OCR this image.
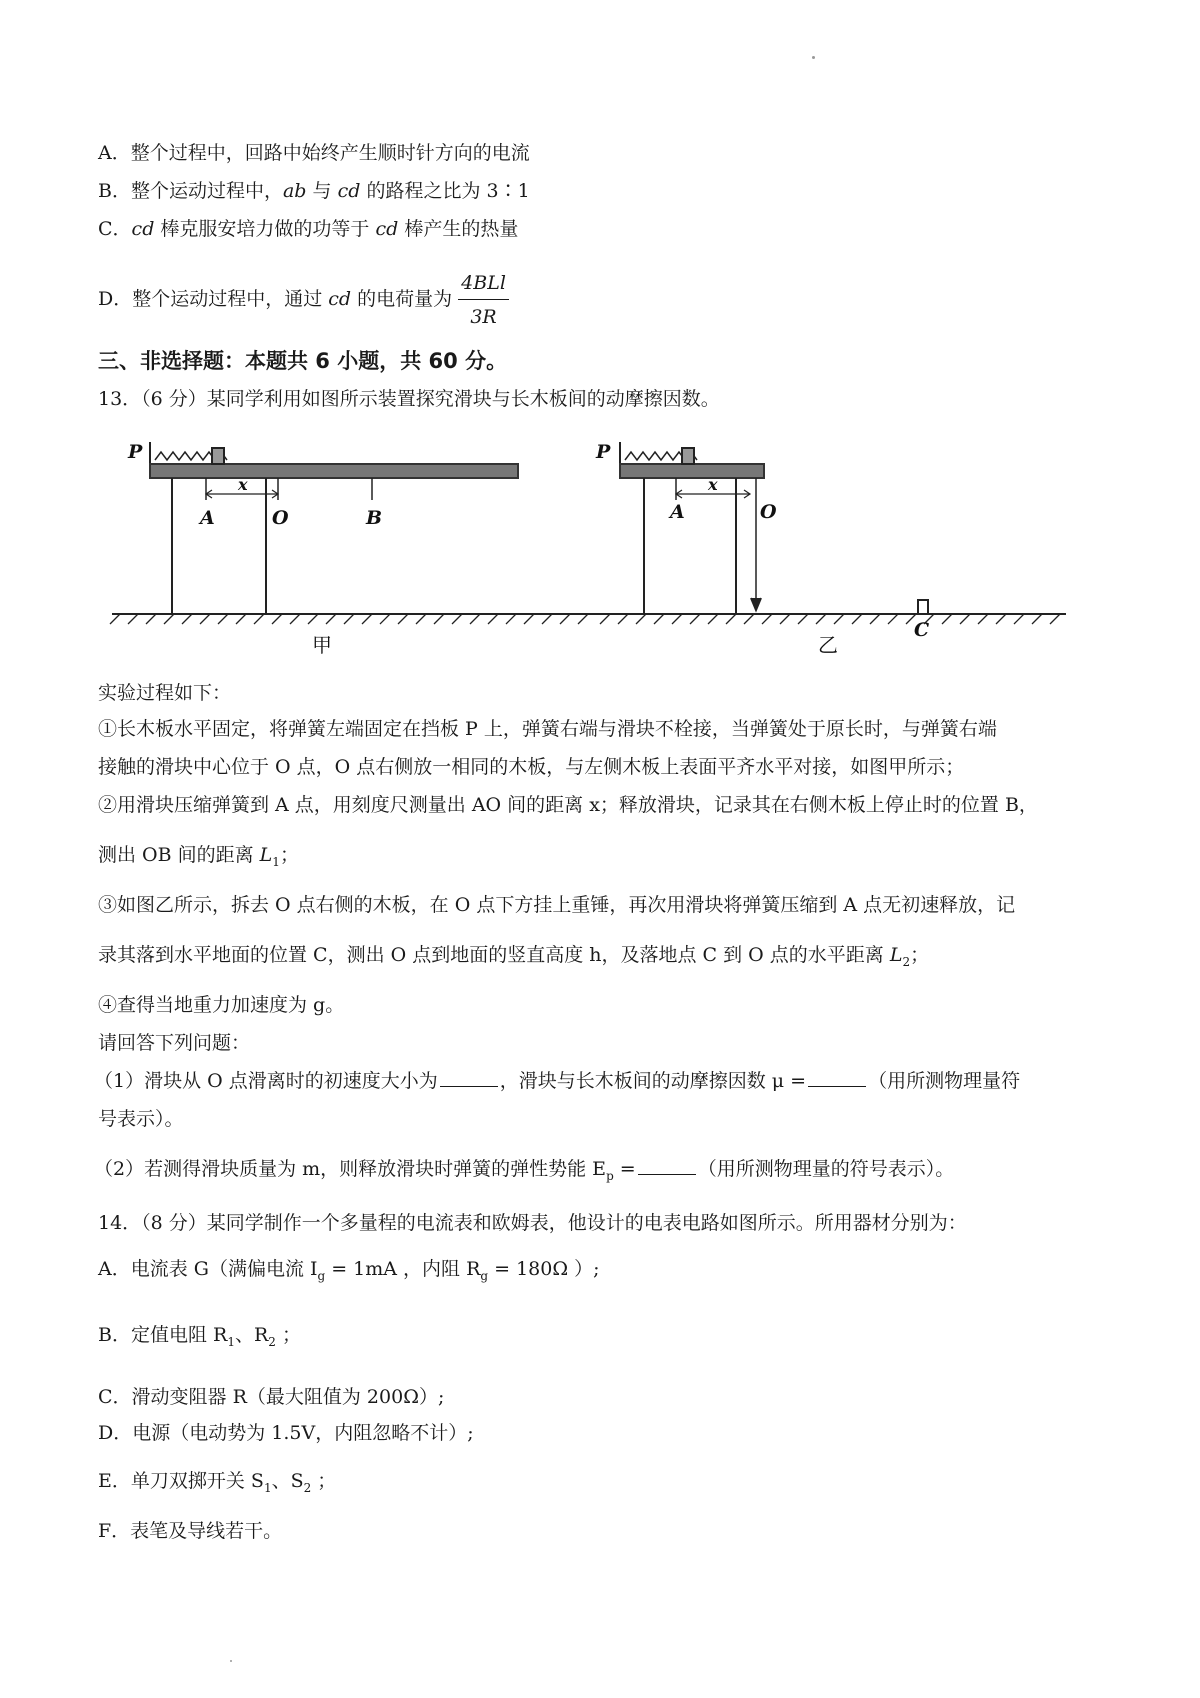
A．整个过程中，回路中始终产生顺时针方向的电流
B．整个运动过程中，ab 与 cd 的路程之比为 3∶1
C．cd 棒克服安培力做的功等于 cd 棒产生的热量
D．整个运动过程中，通过 cd 的电荷量为 $\frac{\text{4BLl}}{3R}$
三、非选择题：本题共 6 小题，共 60 分。
13．（6 分）某同学利用如图所示装置探究滑块与长木板间的动摩擦因数。
P
A
x
O	B
P
A
x
O
C
甲	乙
实验过程如下：
①长木板水平固定，将弹簧左端固定在挡板 P 上，弹簧右端与滑块不栓接，当弹簧处于原长时，与弹簧右端
接触的滑块中心位于 O 点，O 点右侧放一相同的木板，与左侧木板上表面平齐水平对接，如图甲所示；
②用滑块压缩弹簧到 A 点，用刻度尺测量出 AO 间的距离 x；释放滑块，记录其在右侧木板上停止时的位置 B，
测出 OB 间的距离 $L_1$；
③如图乙所示，拆去 O 点右侧的木板，在 O 点下方挂上重锤，再次用滑块将弹簧压缩到 A 点无初速释放，记
录其落到水平地面的位置 C，测出 O 点到地面的竖直高度 h，及落地点 C 到 O 点的水平距离 $L_2$；
④查得当地重力加速度为 g。
请回答下列问题：
（1）滑块从 O 点滑离时的初速度大小为	，滑块与长木板间的动摩擦因数 μ =	（用所测物理量符
号表示）。
（2）若测得滑块质量为 m，则释放滑块时弹簧的弹性势能 $E_p$ =	（用所测物理量的符号表示）。
14．（8 分）某同学制作一个多量程的电流表和欧姆表，他设计的电表电路如图所示。所用器材分别为：
A．电流表 G（满偏电流 $I_g = 1mA$ ，内阻 $R_g = 180\Omega$ ）;
B．定值电阻 $R_1$、$R_2$ ；
C．滑动变阻器 R（最大阻值为 200Ω）;
D．电源（电动势为 1.5V，内阻忽略不计）;
E．单刀双掷开关 $S_1$、$S_2$ ；
F．表笔及导线若干。
